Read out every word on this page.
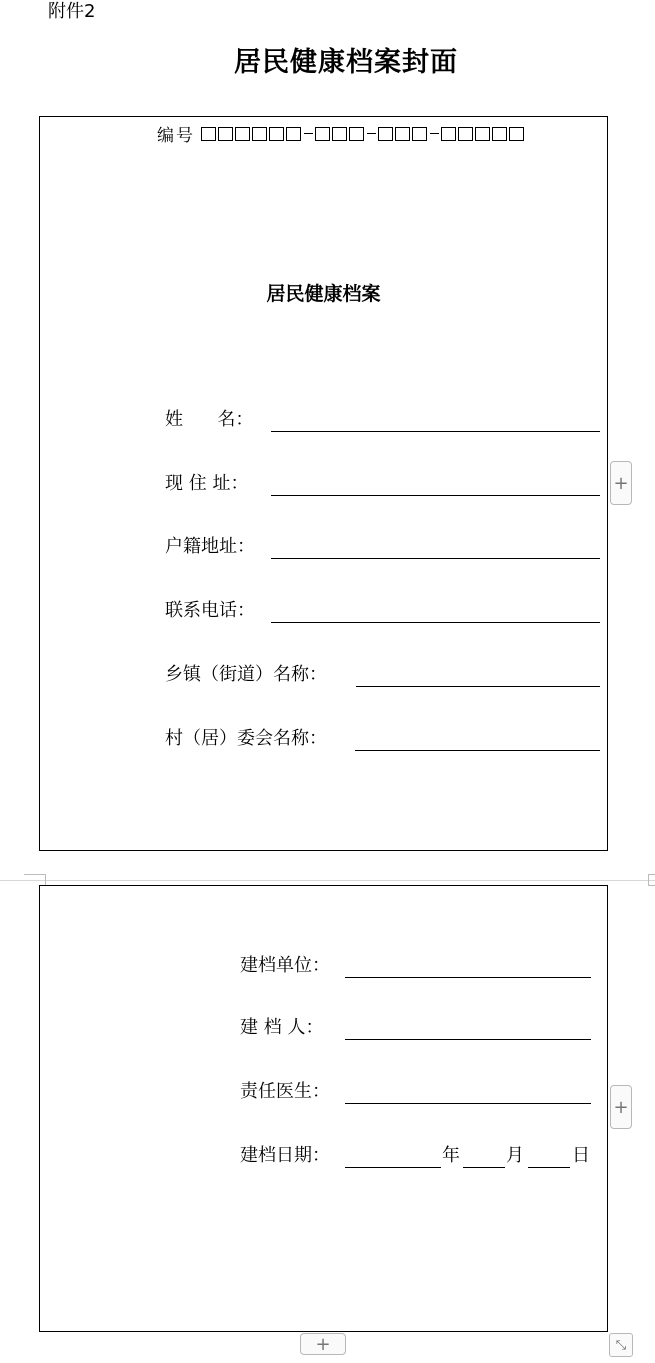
附件2
居民健康档案封面
编号
居民健康档案
姓      名：
现 住 址：
户籍地址：
联系电话：
乡镇（街道）名称：
村（居）委会名称：
建档单位：
建 档 人：
责任医生：
建档日期：	年	月	日
+
+
+	⤡
